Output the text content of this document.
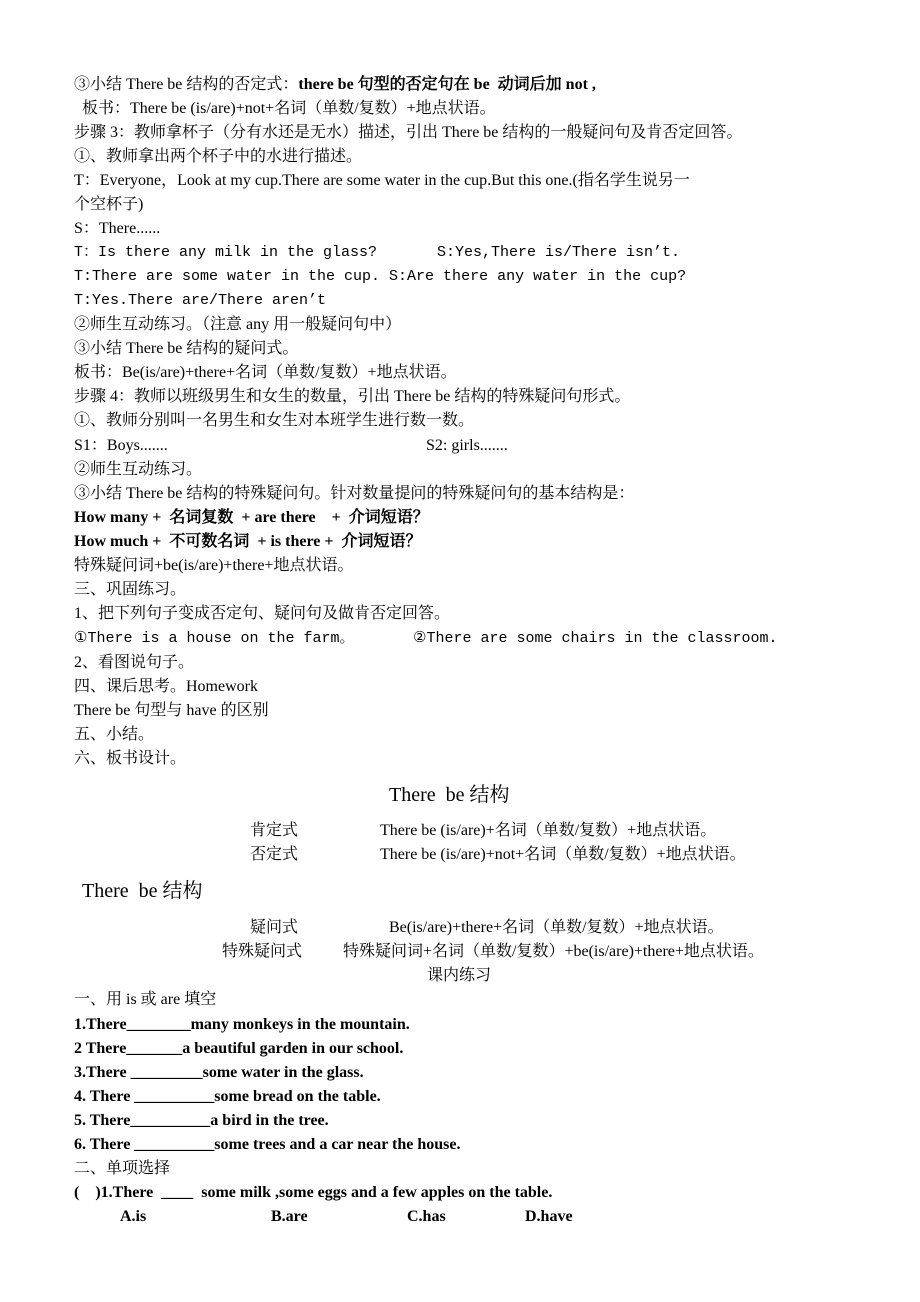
③小结 There be 结构的否定式：there be 句型的否定句在 be  动词后加 not ,
板书：There be (is/are)+not+名词（单数/复数）+地点状语。
步骤 3：教师拿杯子（分有水还是无水）描述，引出 There be 结构的一般疑问句及肯否定回答。
①、教师拿出两个杯子中的水进行描述。
T：Everyone，Look at my cup.There are some water in the cup.But this one.(指名学生说另一
个空杯子)
S：There......
T：Is there any milk in the glass?	S:Yes,There is/There isn’t.
T:There are some water in the cup. S:Are there any water in the cup?
T:Yes.There are/There aren’t
②师生互动练习。（注意 any 用一般疑问句中）
③小结 There be 结构的疑问式。
板书：Be(is/are)+there+名词（单数/复数）+地点状语。
步骤 4：教师以班级男生和女生的数量，引出 There be 结构的特殊疑问句形式。
①、教师分别叫一名男生和女生对本班学生进行数一数。
S1：Boys.......	S2: girls.......
②师生互动练习。
③小结 There be 结构的特殊疑问句。针对数量提问的特殊疑问句的基本结构是：
How many +  名词复数  + are there    +  介词短语？
How much +  不可数名词  + is there +  介词短语？
特殊疑问词+be(is/are)+there+地点状语。
三、巩固练习。
1、把下列句子变成否定句、疑问句及做肯否定回答。
①There is a house on the farm。	②There are some chairs in the classroom.
2、看图说句子。
四、课后思考。Homework
There be 句型与 have 的区别
五、小结。
六、板书设计。
There  be 结构
肯定式	There be (is/are)+名词（单数/复数）+地点状语。
否定式	There be (is/are)+not+名词（单数/复数）+地点状语。
There  be 结构
疑问式	Be(is/are)+there+名词（单数/复数）+地点状语。
特殊疑问式	特殊疑问词+名词（单数/复数）+be(is/are)+there+地点状语。
课内练习
一、用 is 或 are 填空
1.There________many monkeys in the mountain.
2 There_______a beautiful garden in our school.
3.There _________some water in the glass.
4. There __________some bread on the table.
5. There__________a bird in the tree.
6. There __________some trees and a car near the house.
二、单项选择
(    )1.There  ____  some milk ,some eggs and a few apples on the table.
A.is	B.are	C.has	D.have
